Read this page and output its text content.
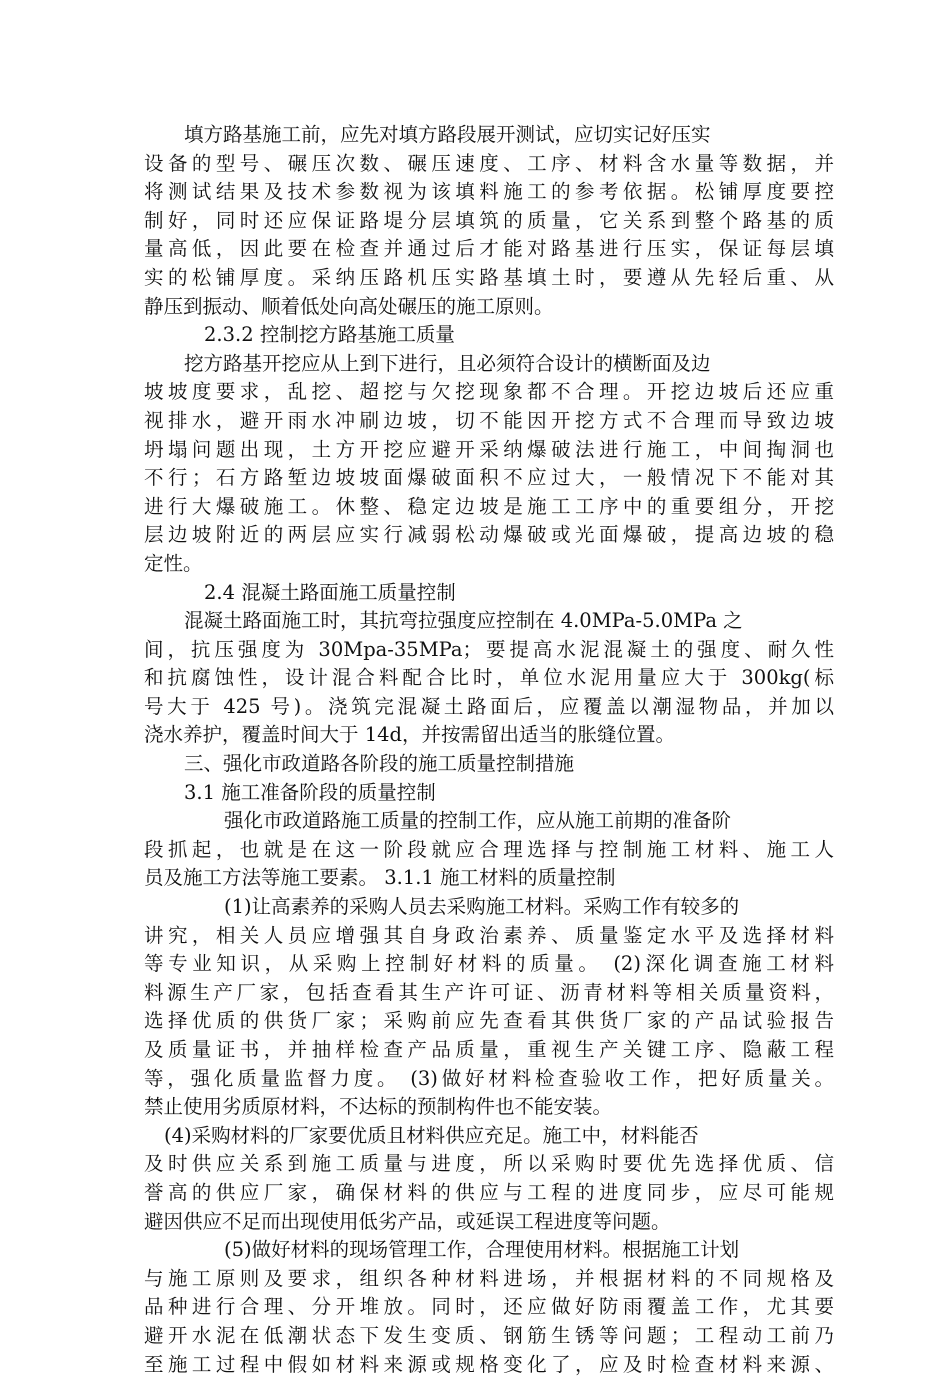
填方路基施工前，应先对填方路段展开测试，应切实记好压实
设备的型号、碾压次数、碾压速度、工序、材料含水量等数据，并
将测试结果及技术参数视为该填料施工的参考依据。松铺厚度要控
制好，同时还应保证路堤分层填筑的质量，它关系到整个路基的质
量高低，因此要在检查并通过后才能对路基进行压实，保证每层填
实的松铺厚度。采纳压路机压实路基填土时，要遵从先轻后重、从
静压到振动、顺着低处向高处碾压的施工原则。
2.3.2 控制挖方路基施工质量
挖方路基开挖应从上到下进行，且必须符合设计的横断面及边
坡坡度要求，乱挖、超挖与欠挖现象都不合理。开挖边坡后还应重
视排水，避开雨水冲刷边坡，切不能因开挖方式不合理而导致边坡
坍塌问题出现，土方开挖应避开采纳爆破法进行施工，中间掏洞也
不行；石方路堑边坡坡面爆破面积不应过大，一般情况下不能对其
进行大爆破施工。休整、稳定边坡是施工工序中的重要组分，开挖
层边坡附近的两层应实行减弱松动爆破或光面爆破，提高边坡的稳
定性。
2.4 混凝土路面施工质量控制
混凝土路面施工时，其抗弯拉强度应控制在 4.0MPa-5.0MPa 之
间，抗压强度为 30Mpa-35MPa；要提高水泥混凝土的强度、耐久性
和抗腐蚀性，设计混合料配合比时，单位水泥用量应大于 300kg(标
号大于 425 号)。浇筑完混凝土路面后，应覆盖以潮湿物品，并加以
浇水养护，覆盖时间大于 14d，并按需留出适当的胀缝位置。
三、强化市政道路各阶段的施工质量控制措施
3.1 施工准备阶段的质量控制
强化市政道路施工质量的控制工作，应从施工前期的准备阶
段抓起，也就是在这一阶段就应合理选择与控制施工材料、施工人
员及施工方法等施工要素。 3.1.1 施工材料的质量控制
(1)让高素养的采购人员去采购施工材料。采购工作有较多的
讲究，相关人员应增强其自身政治素养、质量鉴定水平及选择材料
等专业知识，从采购上控制好材料的质量。 (2)深化调查施工材料
料源生产厂家，包括查看其生产许可证、沥青材料等相关质量资料，
选择优质的供货厂家；采购前应先查看其供货厂家的产品试验报告
及质量证书，并抽样检查产品质量，重视生产关键工序、隐蔽工程
等，强化质量监督力度。 (3)做好材料检查验收工作，把好质量关。
禁止使用劣质原材料，不达标的预制构件也不能安装。
(4)采购材料的厂家要优质且材料供应充足。施工中，材料能否
及时供应关系到施工质量与进度，所以采购时要优先选择优质、信
誉高的供应厂家，确保材料的供应与工程的进度同步，应尽可能规
避因供应不足而出现使用低劣产品，或延误工程进度等问题。
(5)做好材料的现场管理工作，合理使用材料。根据施工计划
与施工原则及要求，组织各种材料进场，并根据材料的不同规格及
品种进行合理、分开堆放。同时，还应做好防雨覆盖工作，尤其要
避开水泥在低潮状态下发生变质、钢筋生锈等问题；工程动工前乃
至施工过程中假如材料来源或规格变化了，应及时检查材料来源、
